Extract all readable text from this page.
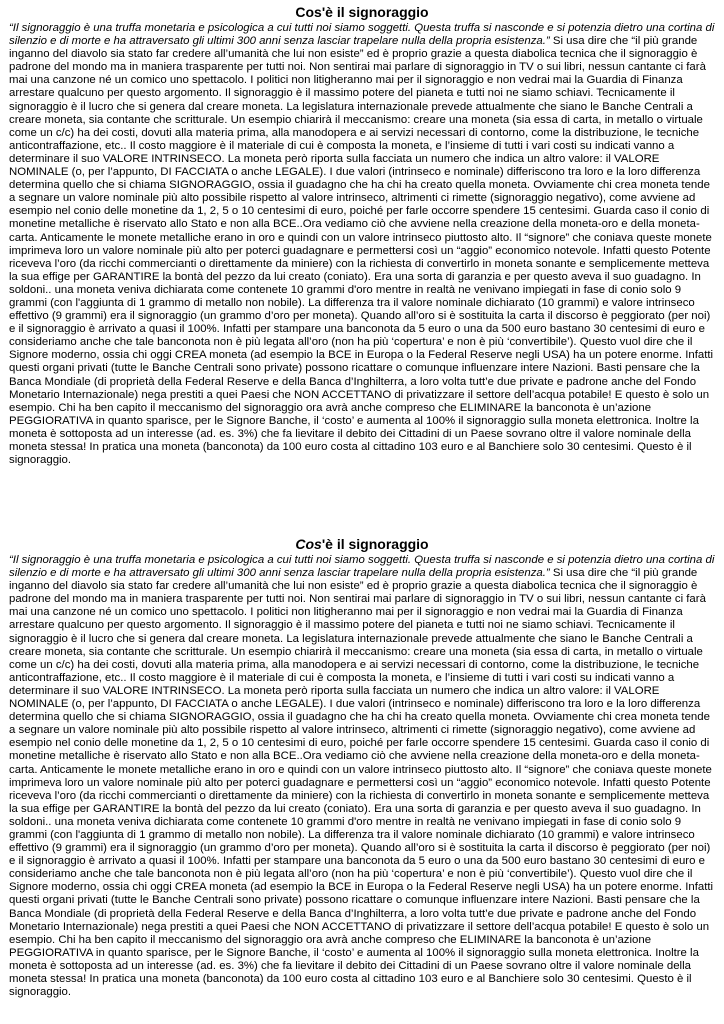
Cos'è il signoraggio

“Il signoraggio è una truffa monetaria e psicologica a cui tutti noi siamo soggetti. Questa truffa si nasconde e si potenzia dietro una cortina di silenzio e di morte e ha attraversato gli ultimi 300 anni senza lasciar trapelare nulla della propria esistenza.” Si usa dire che “il più grande inganno del diavolo sia stato far credere all’umanità che lui non esiste” ed è proprio grazie a questa diabolica tecnica che il signoraggio è padrone del mondo ma in maniera trasparente per tutti noi. Non sentirai mai parlare di signoraggio in TV o sui libri, nessun cantante ci farà mai una canzone né un comico uno spettacolo. I politici non litigheranno mai per il signoraggio e non vedrai mai la Guardia di Finanza arrestare qualcuno per questo argomento. Il signoraggio è il massimo potere del pianeta e tutti noi ne siamo schiavi. Tecnicamente il signoraggio è il lucro che si genera dal creare moneta. La legislatura internazionale prevede attualmente che siano le Banche Centrali a creare moneta, sia contante che scritturale. Un esempio chiarirà il meccanismo: creare una moneta (sia essa di carta, in metallo o virtuale come un c/c) ha dei costi, dovuti alla materia prima, alla manodopera e ai servizi necessari di contorno, come la distribuzione, le tecniche anticontraffazione, etc.. Il costo maggiore è il materiale di cui è composta la moneta, e l’insieme di tutti i vari costi su indicati vanno a determinare il suo VALORE INTRINSECO. La moneta però riporta sulla facciata un numero che indica un altro valore: il VALORE NOMINALE (o, per l’appunto, DI FACCIATA o anche LEGALE). I due valori (intrinseco e nominale) differiscono tra loro e la loro differenza determina quello che si chiama SIGNORAGGIO, ossia il guadagno che ha chi ha creato quella moneta. Ovviamente chi crea moneta tende a segnare un valore nominale più alto possibile rispetto al valore intrinseco, altrimenti ci rimette (signoraggio negativo), come avviene ad esempio nel conio delle monetine da 1, 2, 5 o 10 centesimi di euro, poiché per farle occorre spendere 15 centesimi. Guarda caso il conio di monetine metalliche è riservato allo Stato e non alla BCE..Ora vediamo ciò che avviene nella creazione della moneta-oro e della moneta-carta. Anticamente le monete metalliche erano in oro e quindi con un valore intrinseco piuttosto alto. Il “signore” che coniava queste monete imprimeva loro un valore nominale più alto per poterci guadagnare e permettersi così un “aggio” economico notevole. Infatti questo Potente riceveva l’oro (da ricchi commercianti o direttamente da miniere) con la richiesta di convertirlo in moneta sonante e semplicemente metteva la sua effige per GARANTIRE la bontà del pezzo da lui creato (coniato). Era una sorta di garanzia e per questo aveva il suo guadagno. In soldoni.. una moneta veniva dichiarata come contenete 10 grammi d'oro mentre in realtà ne venivano impiegati in fase di conio solo 9 grammi (con l'aggiunta di 1 grammo di metallo non nobile). La differenza tra il valore nominale dichiarato (10 grammi) e valore intrinseco effettivo (9 grammi) era il signoraggio (un grammo d’oro per moneta). Quando all’oro si è sostituita la carta il discorso è peggiorato (per noi) e il signoraggio è arrivato a quasi il 100%. Infatti per stampare una banconota da 5 euro o una da 500 euro bastano 30 centesimi di euro e consideriamo anche che tale banconota non è più legata all’oro (non ha più ‘copertura’ e non è più ‘convertibile’). Questo vuol dire che il Signore moderno, ossia chi oggi CREA moneta (ad esempio la BCE in Europa o la Federal Reserve negli USA) ha un potere enorme. Infatti questi organi privati (tutte le Banche Centrali sono private) possono ricattare o comunque influenzare intere Nazioni. Basti pensare che la Banca Mondiale (di proprietà della Federal Reserve e della Banca d’Inghilterra, a loro volta tutt’e due private e padrone anche del Fondo Monetario Internazionale) nega prestiti a quei Paesi che NON ACCETTANO di privatizzare il settore dell’acqua potabile! E questo è solo un esempio. Chi ha ben capito il meccanismo del signoraggio ora avrà anche compreso che ELIMINARE la banconota è un’azione PEGGIORATIVA in quanto sparisce, per le Signore Banche, il ‘costo’ e aumenta al 100% il signoraggio sulla moneta elettronica. Inoltre la moneta è sottoposta ad un interesse (ad. es. 3%) che fa lievitare il debito dei Cittadini di un Paese sovrano oltre il valore nominale della moneta stessa! In pratica una moneta (banconota) da 100 euro costa al cittadino 103 euro e al Banchiere solo 30 centesimi. Questo è il signoraggio.

Cos'è il signoraggio

“Il signoraggio è una truffa monetaria e psicologica a cui tutti noi siamo soggetti. Questa truffa si nasconde e si potenzia dietro una cortina di silenzio e di morte e ha attraversato gli ultimi 300 anni senza lasciar trapelare nulla della propria esistenza.” Si usa dire che “il più grande inganno del diavolo sia stato far credere all’umanità che lui non esiste” ed è proprio grazie a questa diabolica tecnica che il signoraggio è padrone del mondo ma in maniera trasparente per tutti noi. Non sentirai mai parlare di signoraggio in TV o sui libri, nessun cantante ci farà mai una canzone né un comico uno spettacolo. I politici non litigheranno mai per il signoraggio e non vedrai mai la Guardia di Finanza arrestare qualcuno per questo argomento. Il signoraggio è il massimo potere del pianeta e tutti noi ne siamo schiavi. Tecnicamente il signoraggio è il lucro che si genera dal creare moneta. La legislatura internazionale prevede attualmente che siano le Banche Centrali a creare moneta, sia contante che scritturale. Un esempio chiarirà il meccanismo: creare una moneta (sia essa di carta, in metallo o virtuale come un c/c) ha dei costi, dovuti alla materia prima, alla manodopera e ai servizi necessari di contorno, come la distribuzione, le tecniche anticontraffazione, etc.. Il costo maggiore è il materiale di cui è composta la moneta, e l’insieme di tutti i vari costi su indicati vanno a determinare il suo VALORE INTRINSECO. La moneta però riporta sulla facciata un numero che indica un altro valore: il VALORE NOMINALE (o, per l’appunto, DI FACCIATA o anche LEGALE). I due valori (intrinseco e nominale) differiscono tra loro e la loro differenza determina quello che si chiama SIGNORAGGIO, ossia il guadagno che ha chi ha creato quella moneta. Ovviamente chi crea moneta tende a segnare un valore nominale più alto possibile rispetto al valore intrinseco, altrimenti ci rimette (signoraggio negativo), come avviene ad esempio nel conio delle monetine da 1, 2, 5 o 10 centesimi di euro, poiché per farle occorre spendere 15 centesimi. Guarda caso il conio di monetine metalliche è riservato allo Stato e non alla BCE..Ora vediamo ciò che avviene nella creazione della moneta-oro e della moneta-carta. Anticamente le monete metalliche erano in oro e quindi con un valore intrinseco piuttosto alto. Il “signore” che coniava queste monete imprimeva loro un valore nominale più alto per poterci guadagnare e permettersi così un “aggio” economico notevole. Infatti questo Potente riceveva l’oro (da ricchi commercianti o direttamente da miniere) con la richiesta di convertirlo in moneta sonante e semplicemente metteva la sua effige per GARANTIRE la bontà del pezzo da lui creato (coniato). Era una sorta di garanzia e per questo aveva il suo guadagno. In soldoni.. una moneta veniva dichiarata come contenete 10 grammi d'oro mentre in realtà ne venivano impiegati in fase di conio solo 9 grammi (con l'aggiunta di 1 grammo di metallo non nobile). La differenza tra il valore nominale dichiarato (10 grammi) e valore intrinseco effettivo (9 grammi) era il signoraggio (un grammo d’oro per moneta). Quando all’oro si è sostituita la carta il discorso è peggiorato (per noi) e il signoraggio è arrivato a quasi il 100%. Infatti per stampare una banconota da 5 euro o una da 500 euro bastano 30 centesimi di euro e consideriamo anche che tale banconota non è più legata all’oro (non ha più ‘copertura’ e non è più ‘convertibile’). Questo vuol dire che il Signore moderno, ossia chi oggi CREA moneta (ad esempio la BCE in Europa o la Federal Reserve negli USA) ha un potere enorme. Infatti questi organi privati (tutte le Banche Centrali sono private) possono ricattare o comunque influenzare intere Nazioni. Basti pensare che la Banca Mondiale (di proprietà della Federal Reserve e della Banca d’Inghilterra, a loro volta tutt’e due private e padrone anche del Fondo Monetario Internazionale) nega prestiti a quei Paesi che NON ACCETTANO di privatizzare il settore dell’acqua potabile! E questo è solo un esempio. Chi ha ben capito il meccanismo del signoraggio ora avrà anche compreso che ELIMINARE la banconota è un’azione PEGGIORATIVA in quanto sparisce, per le Signore Banche, il ‘costo’ e aumenta al 100% il signoraggio sulla moneta elettronica. Inoltre la moneta è sottoposta ad un interesse (ad. es. 3%) che fa lievitare il debito dei Cittadini di un Paese sovrano oltre il valore nominale della moneta stessa! In pratica una moneta (banconota) da 100 euro costa al cittadino 103 euro e al Banchiere solo 30 centesimi. Questo è il signoraggio.
